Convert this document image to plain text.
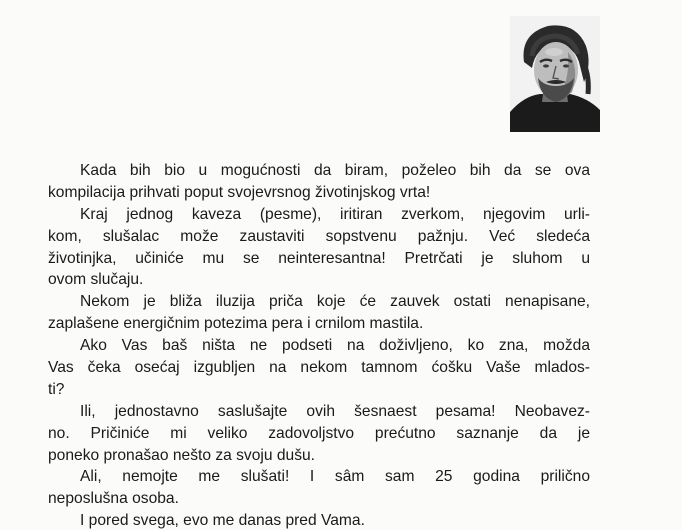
Kada bih bio u mogućnosti da biram, poželeo bih da se ova
kompilacija prihvati poput svojevrsnog životinjskog vrta!
Kraj jednog kaveza (pesme), iritiran zverkom, njegovim urli-
kom, slušalac može zaustaviti sopstvenu pažnju. Već sledeća
životinjka, učiniće mu se neinteresantna! Pretrčati je sluhom u
ovom slučaju.
Nekom je bliža iluzija priča koje će zauvek ostati nenapisane,
zaplašene energičnim potezima pera i crnilom mastila.
Ako Vas baš ništa ne podseti na doživljeno, ko zna, možda
Vas čeka osećaj izgubljen na nekom tamnom ćošku Vaše mlados-
ti?
Ili, jednostavno saslušajte ovih šesnaest pesama! Neobavez-
no. Pričiniće mi veliko zadovoljstvo prećutno saznanje da je
poneko pronašao nešto za svoju dušu.
Ali, nemojte me slušati! I sâm sam 25 godina prilično
neposlušna osoba.
I pored svega, evo me danas pred Vama.
